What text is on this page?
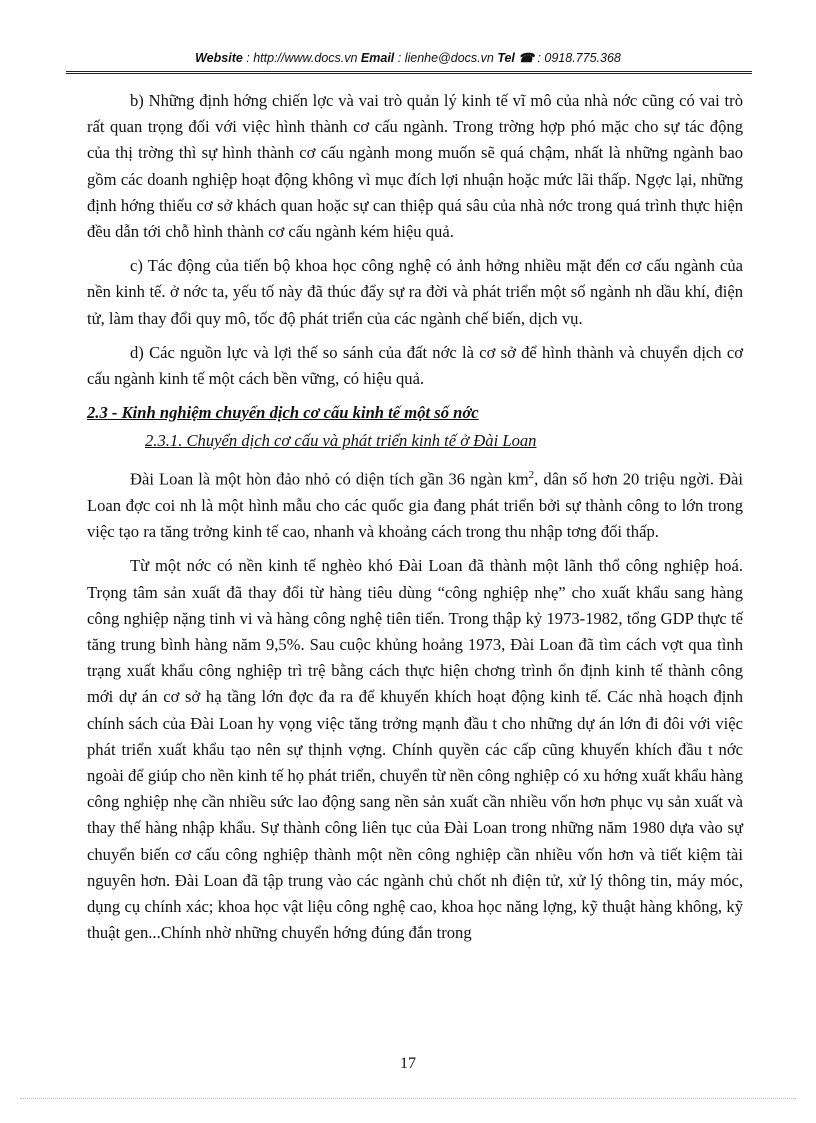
Website : http://www.docs.vn Email : lienhe@docs.vn Tel ☎ : 0918.775.368

b) Những định hớng chiến lợc và vai trò quản lý kinh tế vĩ mô của nhà nớc cũng có vai trò rất quan trọng đối với việc hình thành cơ cấu ngành. Trong trờng hợp phó mặc cho sự tác động của thị trờng thì sự hình thành cơ cấu ngành mong muốn sẽ quá chậm, nhất là những ngành bao gồm các doanh nghiệp hoạt động không vì mục đích lợi nhuận hoặc mức lãi thấp. Ngợc lại, những định hớng thiếu cơ sở khách quan hoặc sự can thiệp quá sâu của nhà nớc trong quá trình thực hiện đều dẫn tới chỗ hình thành cơ cấu ngành kém hiệu quả.

c) Tác động của tiến bộ khoa học công nghệ có ảnh hởng nhiều mặt đến cơ cấu ngành của nền kinh tế. ở nớc ta, yếu tố này đã thúc đẩy sự ra đời và phát triển một số ngành nh dầu khí, điện tử, làm thay đổi quy mô, tốc độ phát triển của các ngành chế biến, dịch vụ.

d) Các nguồn lực và lợi thế so sánh của đất nớc là cơ sở để hình thành và chuyển dịch cơ cấu ngành kinh tế một cách bền vững, có hiệu quả.

2.3 - Kinh nghiệm chuyển dịch cơ cấu kinh tế một số nớc
2.3.1. Chuyển dịch cơ cấu và phát triển kinh tế ở Đài Loan

Đài Loan là một hòn đảo nhỏ có diện tích gần 36 ngàn $km^2$, dân số hơn 20 triệu ngời. Đài Loan đợc coi nh là một hình mẫu cho các quốc gia đang phát triển bởi sự thành công to lớn trong việc tạo ra tăng trởng kinh tế cao, nhanh và khoảng cách trong thu nhập tơng đối thấp.

Từ một nớc có nền kinh tế nghèo khó Đài Loan đã thành một lãnh thổ công nghiệp hoá. Trọng tâm sản xuất đã thay đổi từ hàng tiêu dùng “công nghiệp nhẹ” cho xuất khẩu sang hàng công nghiệp nặng tinh vi và hàng công nghệ tiên tiến. Trong thập kỷ 1973-1982, tổng GDP thực tế tăng trung bình hàng năm 9,5%. Sau cuộc khủng hoảng 1973, Đài Loan đã tìm cách vợt qua tình trạng xuất khẩu công nghiệp trì trệ bằng cách thực hiện chơng trình ổn định kinh tế thành công mới dự án cơ sở hạ tầng lớn đợc đa ra để khuyến khích hoạt động kinh tế. Các nhà hoạch định chính sách của Đài Loan hy vọng việc tăng trởng mạnh đầu t cho những dự án lớn đi đôi với việc phát triển xuất khẩu tạo nên sự thịnh vợng. Chính quyền các cấp cũng khuyến khích đầu t nớc ngoài để giúp cho nền kinh tế họ phát triển, chuyển từ nền công nghiệp có xu hớng xuất khẩu hàng công nghiệp nhẹ cần nhiều sức lao động sang nền sản xuất cần nhiều vốn hơn phục vụ sản xuất và thay thế hàng nhập khẩu. Sự thành công liên tục của Đài Loan trong những năm 1980 dựa vào sự chuyển biến cơ cấu công nghiệp thành một nền công nghiệp cần nhiều vốn hơn và tiết kiệm tài nguyên hơn. Đài Loan đã tập trung vào các ngành chủ chốt nh điện tử, xử lý thông tin, máy móc, dụng cụ chính xác; khoa học vật liệu công nghệ cao, khoa học năng lợng, kỹ thuật hàng không, kỹ thuật gen...Chính nhờ những chuyển hớng đúng đắn trong

17
